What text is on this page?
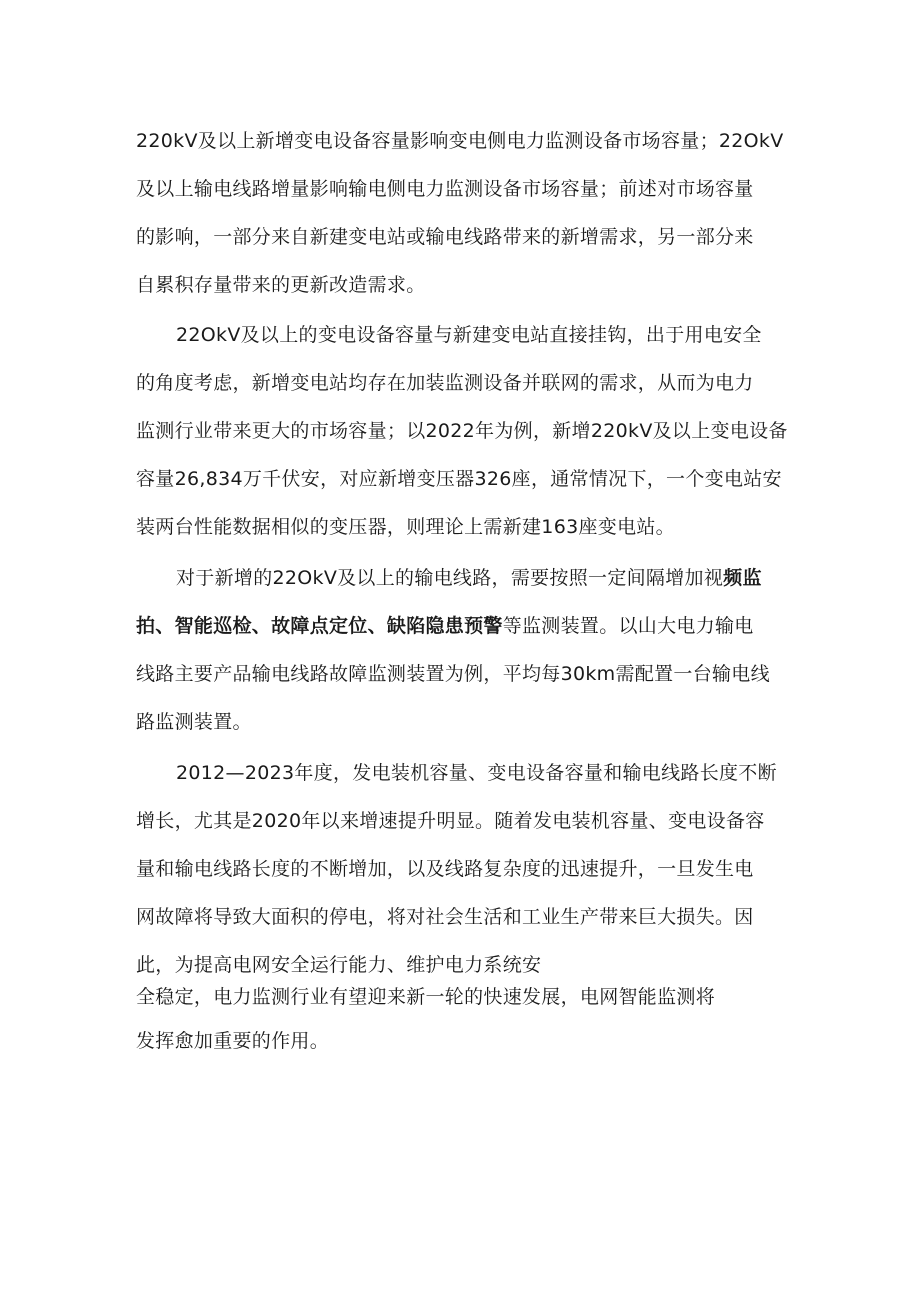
220kV及以上新增变电设备容量影响变电侧电力监测设备市场容量；22OkV
及以上输电线路增量影响输电侧电力监测设备市场容量；前述对市场容量
的影响，一部分来自新建变电站或输电线路带来的新增需求，另一部分来
自累积存量带来的更新改造需求。
22OkV及以上的变电设备容量与新建变电站直接挂钩，出于用电安全
的角度考虑，新增变电站均存在加装监测设备并联网的需求，从而为电力
监测行业带来更大的市场容量；以2022年为例，新增220kV及以上变电设备
容量26,834万千伏安，对应新增变压器326座，通常情况下，一个变电站安
装两台性能数据相似的变压器，则理论上需新建163座变电站。
对于新增的22OkV及以上的输电线路，需要按照一定间隔增加视频监
拍、智能巡检、故障点定位、缺陷隐患预警等监测装置。以山大电力输电
线路主要产品输电线路故障监测装置为例，平均每30km需配置一台输电线
路监测装置。
2012—2023年度，发电装机容量、变电设备容量和输电线路长度不断
增长，尤其是2020年以来增速提升明显。随着发电装机容量、变电设备容
量和输电线路长度的不断增加，以及线路复杂度的迅速提升，一旦发生电
网故障将导致大面积的停电，将对社会生活和工业生产带来巨大损失。因
此，为提高电网安全运行能力、维护电力系统安
全稳定，电力监测行业有望迎来新一轮的快速发展，电网智能监测将
发挥愈加重要的作用。
